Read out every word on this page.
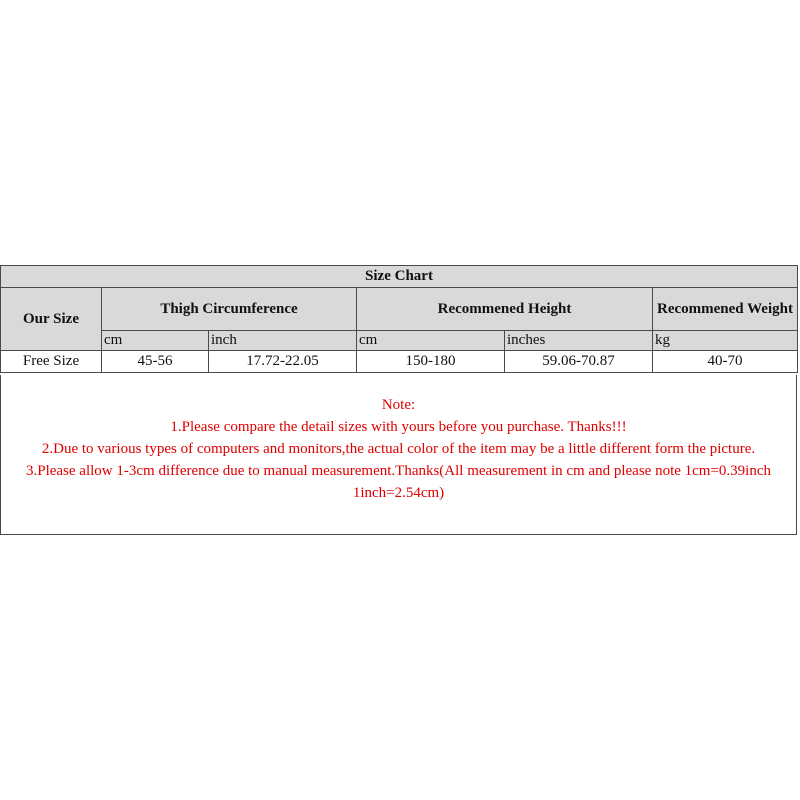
Size Chart					
Our Size	Thigh Circumference		Recommened Height		Recommened Weight
	cm	inch	cm	inches	kg
Free Size	45-56	17.72-22.05	150-180	59.06-70.87	40-70

Note:

1.Please compare the detail sizes with yours before you purchase. Thanks!!!

2.Due to various types of computers and monitors,the actual color of the item may be a little different form the picture.

3.Please allow 1-3cm difference due to manual measurement.Thanks(All measurement in cm and please note 1cm=0.39inch 1inch=2.54cm)
